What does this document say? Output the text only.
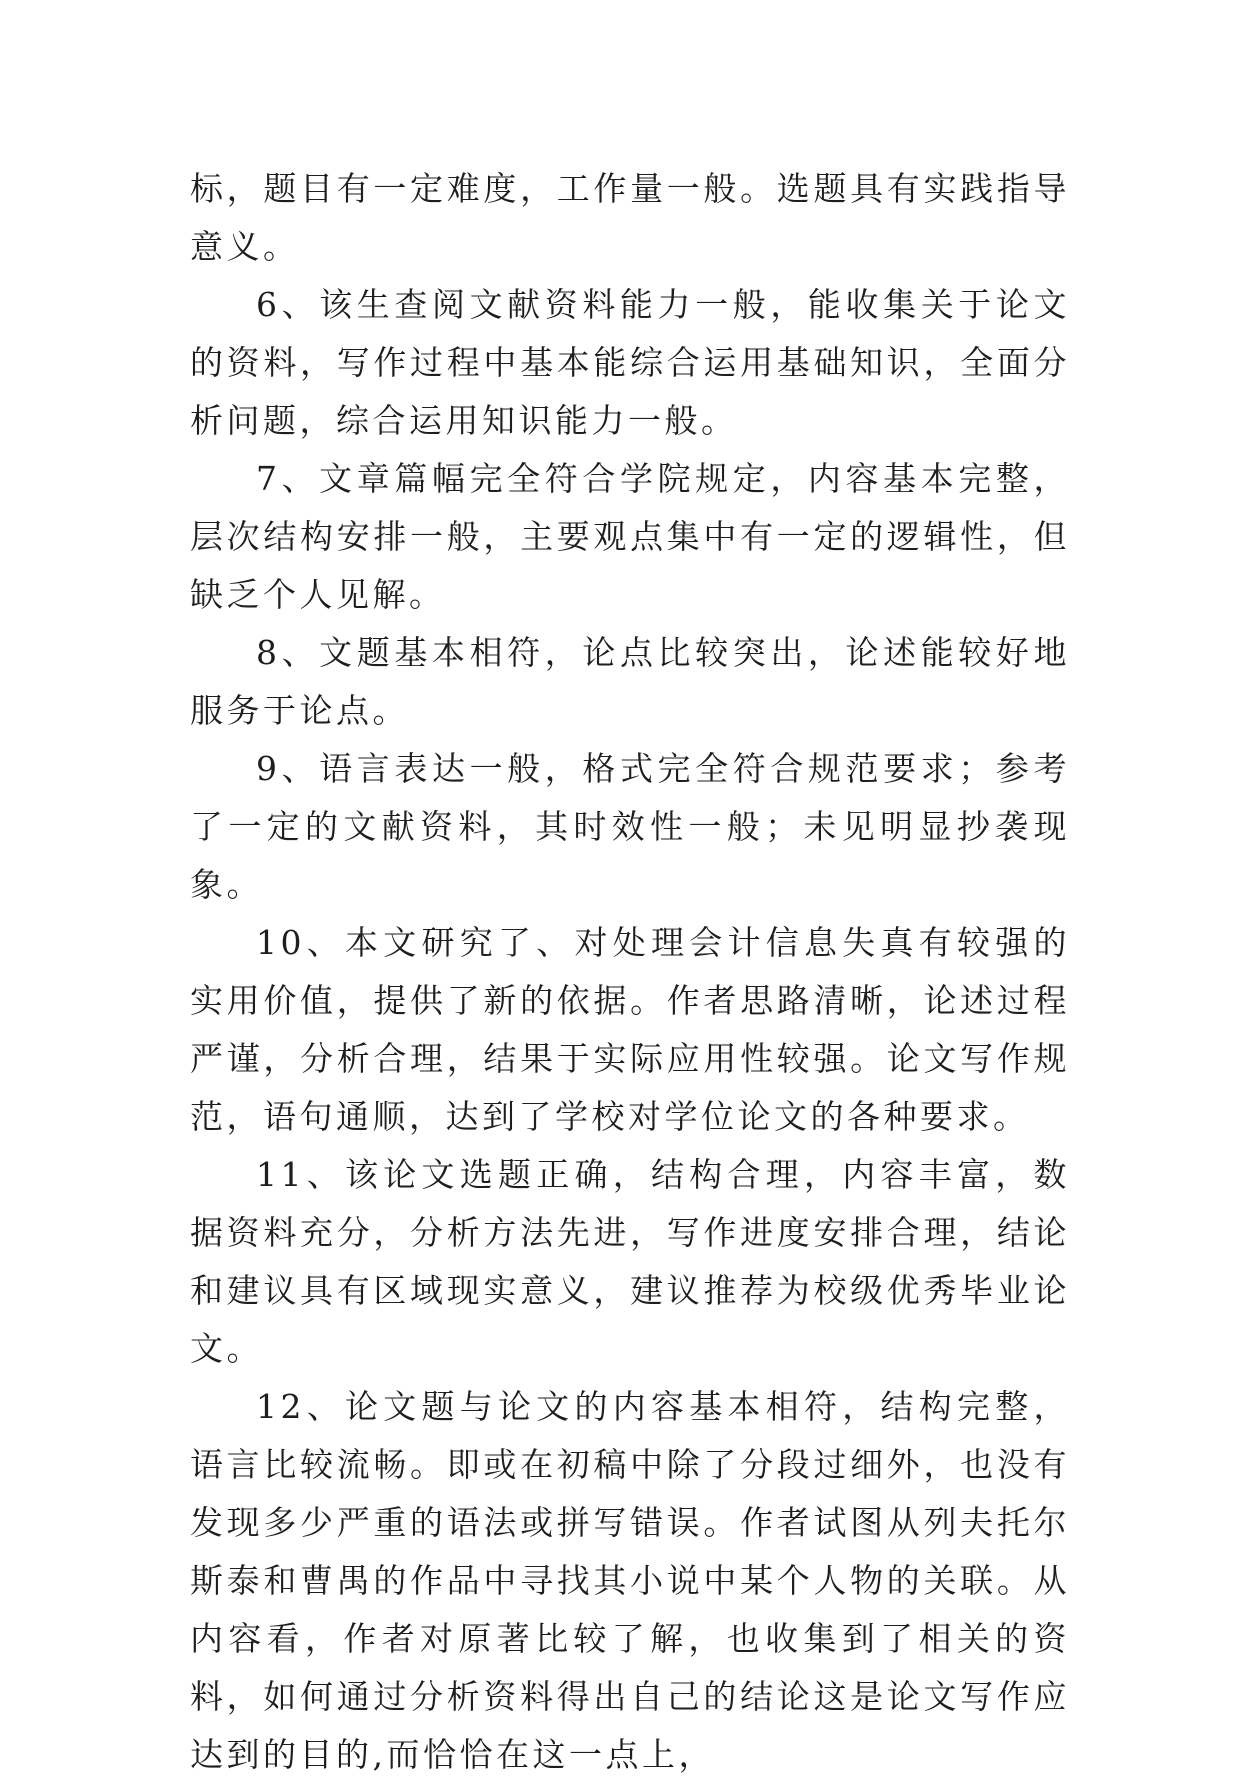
标，题目有一定难度，工作量一般。选题具有实践指导意义。

6、该生查阅文献资料能力一般，能收集关于论文的资料，写作过程中基本能综合运用基础知识，全面分析问题，综合运用知识能力一般。

7、文章篇幅完全符合学院规定，内容基本完整，层次结构安排一般，主要观点集中有一定的逻辑性，但缺乏个人见解。

8、文题基本相符，论点比较突出，论述能较好地服务于论点。

9、语言表达一般，格式完全符合规范要求；参考了一定的文献资料，其时效性一般；未见明显抄袭现象。

10、本文研究了、对处理会计信息失真有较强的实用价值，提供了新的依据。作者思路清晰，论述过程严谨，分析合理，结果于实际应用性较强。论文写作规范，语句通顺，达到了学校对学位论文的各种要求。

11、该论文选题正确，结构合理，内容丰富，数据资料充分，分析方法先进，写作进度安排合理，结论和建议具有区域现实意义，建议推荐为校级优秀毕业论文。

12、论文题与论文的内容基本相符，结构完整，语言比较流畅。即或在初稿中除了分段过细外，也没有发现多少严重的语法或拼写错误。作者试图从列夫托尔斯泰和曹禺的作品中寻找其小说中某个人物的关联。从内容看，作者对原著比较了解，也收集到了相关的资料，如何通过分析资料得出自己的结论这是论文写作应达到的目的,而恰恰在这一点上，
